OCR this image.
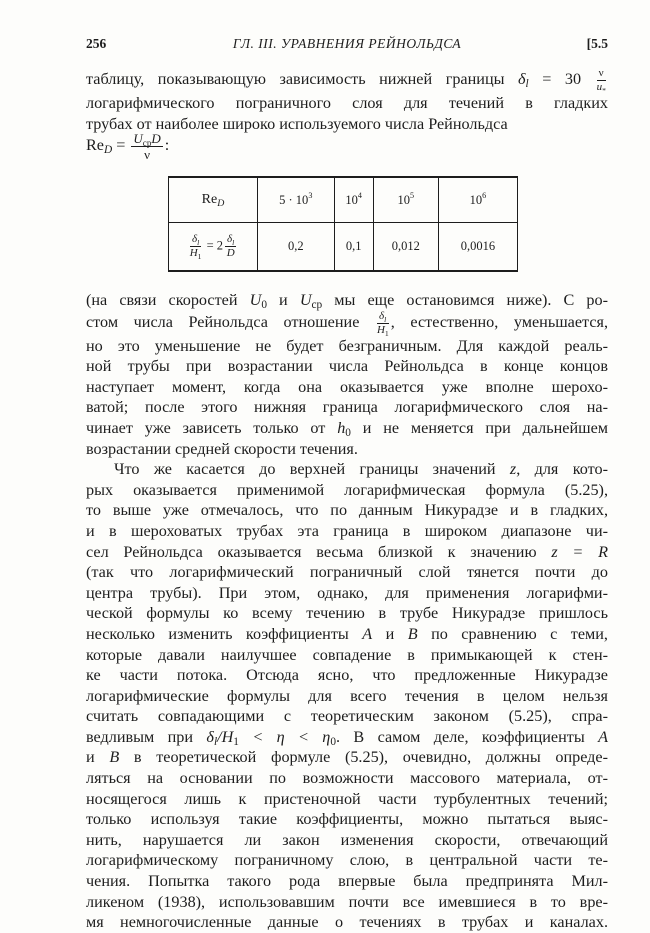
256	ГЛ. III. УРАВНЕНИЯ РЕЙНОЛЬДСА	[5.5

таблицу, показывающую зависимость нижней границы $\delta_l = 30 \frac{\nu}{u_*}$

логарифмического пограничного слоя для течений в гладких

трубах от наиболее широко используемого числа Рейнольдса

$Re_D = \frac{U_{ср}D}{\nu}$ :
$Re_D$	$5 \cdot 10^3$	$10^4$	$10^5$	$10^6$

$\frac{\delta_l}{H_1} = 2 \frac{\delta_l}{D}$	0,2	0,1	0,012	0,0016

(на связи скоростей $U_0$ и $U_{ср}$ мы еще остановимся ниже). С ро-

стом числа Рейнольдса отношение $\frac{\delta_l}{H_1}$ , естественно, уменьшается,

но это уменьшение не будет безграничным. Для каждой реаль-

ной трубы при возрастании числа Рейнольдса в конце концов

наступает момент, когда она оказывается уже вполне шерохо-

ватой; после этого нижняя граница логарифмического слоя на-

чинает уже зависеть только от $h_0$ и не меняется при дальнейшем

возрастании средней скорости течения.

Что же касается до верхней границы значений z, для кото-

рых оказывается применимой логарифмическая формула (5.25),

то выше уже отмечалось, что по данным Никурадзе и в гладких,

и в шероховатых трубах эта граница в широком диапазоне чи-

сел Рейнольдса оказывается весьма близкой к значению z = R

(так что логарифмический пограничный слой тянется почти до

центра трубы). При этом, однако, для применения логарифми-

ческой формулы ко всему течению в трубе Никурадзе пришлось

несколько изменить коэффициенты A и B по сравнению с теми,

которые давали наилучшее совпадение в примыкающей к стен-

ке части потока. Отсюда ясно, что предложенные Никурадзе

логарифмические формулы для всего течения в целом нельзя

считать совпадающими с теоретическим законом (5.25), спра-

ведливым при $\delta_l/H_1 < \eta < \eta_0$. В самом деле, коэффициенты A

и B в теоретической формуле (5.25), очевидно, должны опреде-

ляться на основании по возможности массового материала, от-

носящегося лишь к пристеночной части турбулентных течений;

только используя такие коэффициенты, можно пытаться выяс-

нить, нарушается ли закон изменения скорости, отвечающий

логарифмическому пограничному слою, в центральной части те-

чения. Попытка такого рода впервые была предпринята Мил-

ликеном (1938), использовавшим почти все имевшиеся в то вре-

мя немногочисленные данные о течениях в трубах и каналах.
